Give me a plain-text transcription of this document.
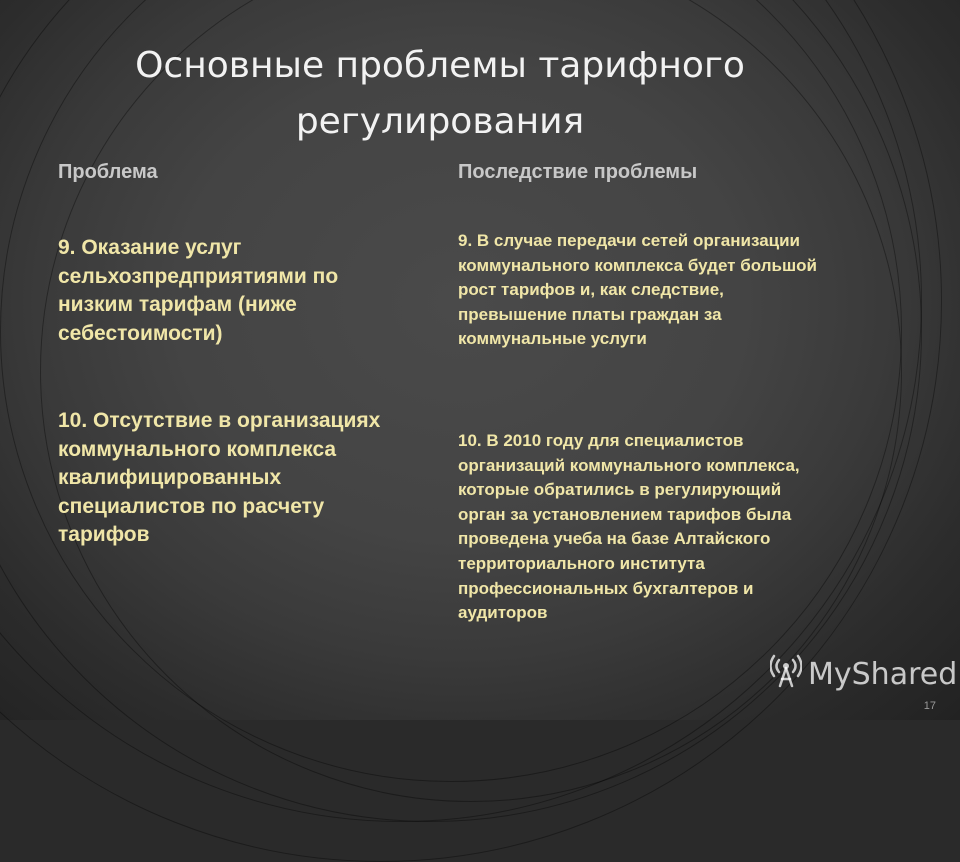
Основные проблемы тарифного регулирования
Проблема	Последствие проблемы
9. Оказание услуг сельхозпредприятиями по низким тарифам (ниже себестоимости)
10. Отсутствие в организациях коммунального комплекса квалифицированных специалистов по расчету тарифов
9. В случае передачи сетей организации коммунального комплекса будет большой рост тарифов и, как следствие, превышение платы граждан за коммунальные услуги
10. В 2010 году для специалистов организаций коммунального комплекса, которые обратились в регулирующий орган за установлением тарифов была проведена учеба на базе Алтайского территориального института профессиональных бухгалтеров и аудиторов
MyShared
17
